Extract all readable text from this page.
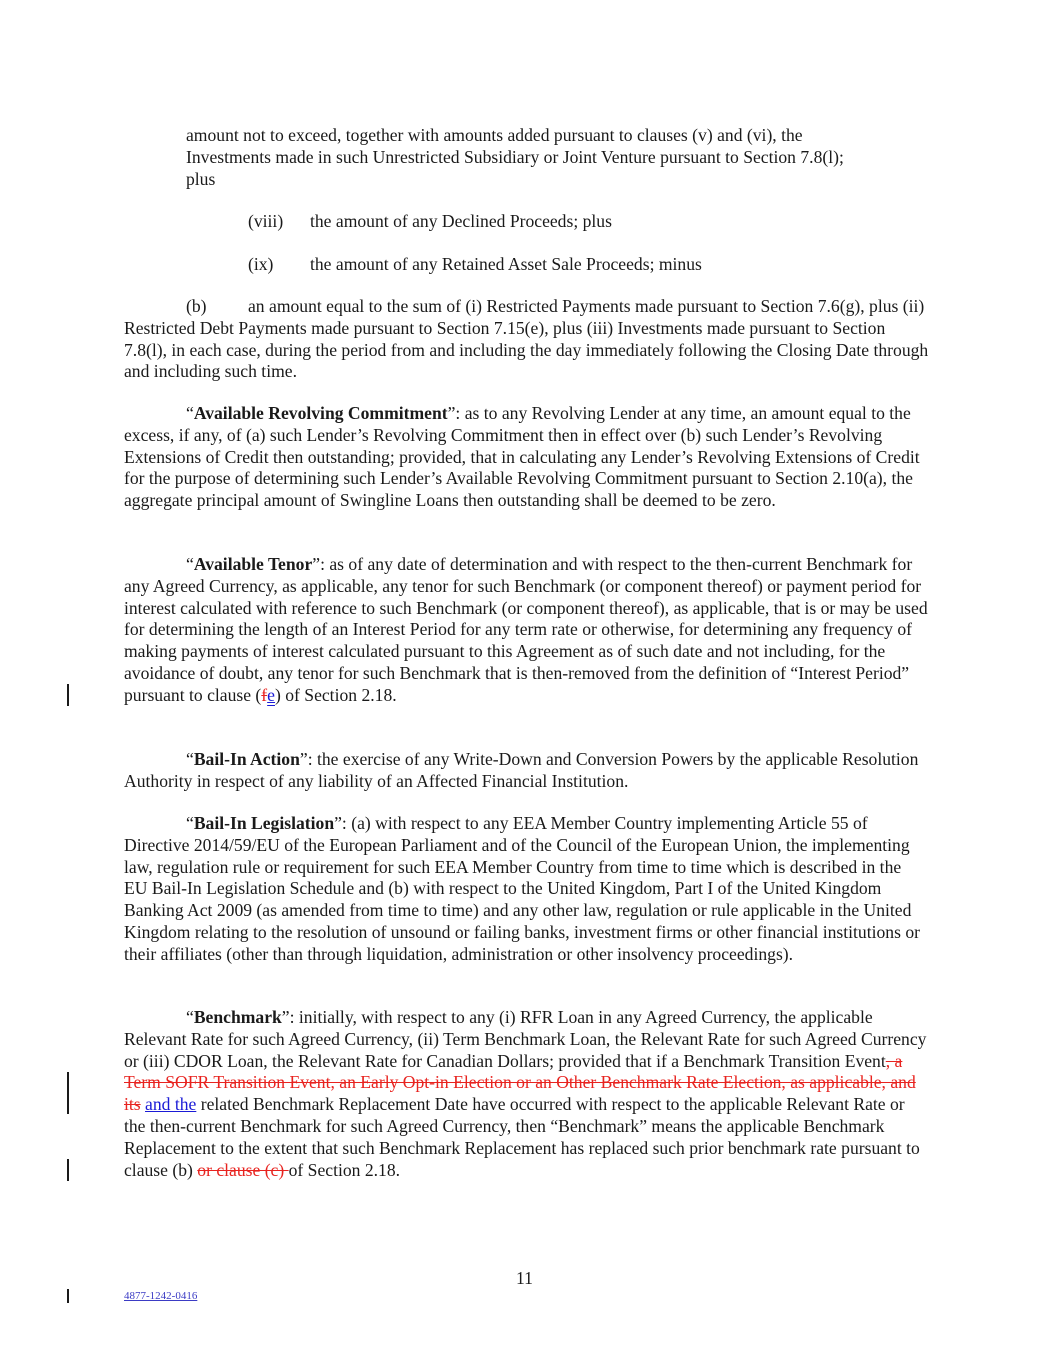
amount not to exceed, together with amounts added pursuant to clauses (v) and (vi), the
Investments made in such Unrestricted Subsidiary or Joint Venture pursuant to Section 7.8(l);
plus
(viii) the amount of any Declined Proceeds; plus
(ix) the amount of any Retained Asset Sale Proceeds; minus

(b) an amount equal to the sum of (i) Restricted Payments made pursuant to Section 7.6(g), plus (ii) Restricted Debt Payments made pursuant to Section 7.15(e), plus (iii) Investments made pursuant to Section 7.8(l), in each case, during the period from and including the day immediately following the Closing Date through and including such time.

“Available Revolving Commitment”: as to any Revolving Lender at any time, an amount equal to the excess, if any, of (a) such Lender’s Revolving Commitment then in effect over (b) such Lender’s Revolving Extensions of Credit then outstanding; provided, that in calculating any Lender’s Revolving Extensions of Credit for the purpose of determining such Lender’s Available Revolving Commitment pursuant to Section 2.10(a), the aggregate principal amount of Swingline Loans then outstanding shall be deemed to be zero.

“Available Tenor”: as of any date of determination and with respect to the then-current Benchmark for any Agreed Currency, as applicable, any tenor for such Benchmark (or component thereof) or payment period for interest calculated with reference to such Benchmark (or component thereof), as applicable, that is or may be used for determining the length of an Interest Period for any term rate or otherwise, for determining any frequency of making payments of interest calculated pursuant to this Agreement as of such date and not including, for the avoidance of doubt, any tenor for such Benchmark that is then-removed from the definition of “Interest Period” pursuant to clause (fe) of Section 2.18.

“Bail-In Action”: the exercise of any Write-Down and Conversion Powers by the applicable Resolution Authority in respect of any liability of an Affected Financial Institution.

“Bail-In Legislation”: (a) with respect to any EEA Member Country implementing Article 55 of Directive 2014/59/EU of the European Parliament and of the Council of the European Union, the implementing law, regulation rule or requirement for such EEA Member Country from time to time which is described in the EU Bail-In Legislation Schedule and (b) with respect to the United Kingdom, Part I of the United Kingdom Banking Act 2009 (as amended from time to time) and any other law, regulation or rule applicable in the United Kingdom relating to the resolution of unsound or failing banks, investment firms or other financial institutions or their affiliates (other than through liquidation, administration or other insolvency proceedings).

“Benchmark”: initially, with respect to any (i) RFR Loan in any Agreed Currency, the applicable Relevant Rate for such Agreed Currency, (ii) Term Benchmark Loan, the Relevant Rate for such Agreed Currency or (iii) CDOR Loan, the Relevant Rate for Canadian Dollars; provided that if a Benchmark Transition Event, a Term SOFR Transition Event, an Early Opt-in Election or an Other Benchmark Rate Election, as applicable, and its and the related Benchmark Replacement Date have occurred with respect to the applicable Relevant Rate or the then-current Benchmark for such Agreed Currency, then “Benchmark” means the applicable Benchmark Replacement to the extent that such Benchmark Replacement has replaced such prior benchmark rate pursuant to clause (b) or clause (c) of Section 2.18.

11
4877-1242-0416
